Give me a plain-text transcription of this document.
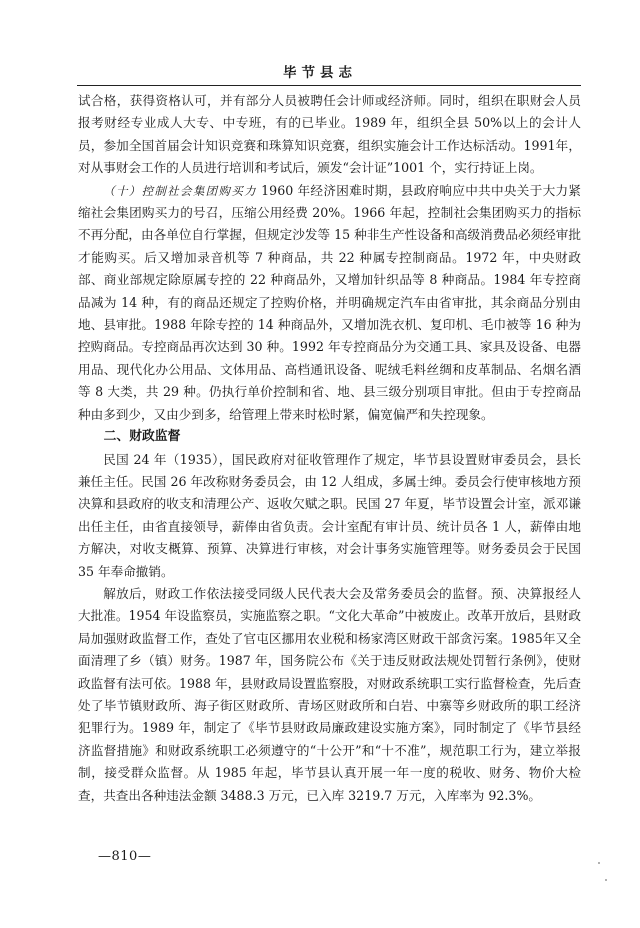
毕节县志

试合格，获得资格认可，并有部分人员被聘任会计师或经济师。同时，组织在职财会人员报考财经专业成人大专、中专班，有的已毕业。1989 年，组织全县 50%以上的会计人员，参加全国首届会计知识竞赛和珠算知识竞赛，组织实施会计工作达标活动。1991年，对从事财会工作的人员进行培训和考试后，颁发“会计证”1001 个，实行持证上岗。

（十）控制社会集团购买力 1960 年经济困难时期，县政府响应中共中央关于大力紧缩社会集团购买力的号召，压缩公用经费 20%。1966 年起，控制社会集团购买力的指标不再分配，由各单位自行掌握，但规定沙发等 15 种非生产性设备和高级消费品必须经审批才能购买。后又增加录音机等 7 种商品，共 22 种属专控制商品。1972 年，中央财政部、商业部规定除原属专控的 22 种商品外，又增加针织品等 8 种商品。1984 年专控商品减为 14 种，有的商品还规定了控购价格，并明确规定汽车由省审批，其余商品分别由地、县审批。1988 年除专控的 14 种商品外，又增加洗衣机、复印机、毛巾被等 16 种为控购商品。专控商品再次达到 30 种。1992 年专控商品分为交通工具、家具及设备、电器用品、现代化办公用品、文体用品、高档通讯设备、呢绒毛料丝绸和皮革制品、名烟名酒等 8 大类，共 29 种。仍执行单价控制和省、地、县三级分别项目审批。但由于专控商品种由多到少，又由少到多，给管理上带来时松时紧，偏宽偏严和失控现象。

二、财政监督

民国 24 年（1935），国民政府对征收管理作了规定，毕节县设置财审委员会，县长兼任主任。民国 26 年改称财务委员会，由 12 人组成，多属士绅。委员会行使审核地方预决算和县政府的收支和清理公产、返收欠赋之职。民国 27 年夏，毕节设置会计室，派邓谦出任主任，由省直接领导，薪俸由省负责。会计室配有审计员、统计员各 1 人，薪俸由地方解决，对收支概算、预算、决算进行审核，对会计事务实施管理等。财务委员会于民国 35 年奉命撤销。

解放后，财政工作依法接受同级人民代表大会及常务委员会的监督。预、决算报经人大批准。1954 年设监察员，实施监察之职。“文化大革命”中被废止。改革开放后，县财政局加强财政监督工作，查处了官屯区挪用农业税和杨家湾区财政干部贪污案。1985年又全面清理了乡（镇）财务。1987 年，国务院公布《关于违反财政法规处罚暂行条例》，使财政监督有法可依。1988 年，县财政局设置监察股，对财政系统职工实行监督检查，先后查处了毕节镇财政所、海子街区财政所、青场区财政所和白岩、中寨等乡财政所的职工经济犯罪行为。1989 年，制定了《毕节县财政局廉政建设实施方案》，同时制定了《毕节县经济监督措施》和财政系统职工必须遵守的“十公开”和“十不准”，规范职工行为，建立举报制，接受群众监督。从 1985 年起，毕节县认真开展一年一度的税收、财务、物价大检查，共查出各种违法金额 3488.3 万元，已入库 3219.7 万元，入库率为 92.3%。

—810—
